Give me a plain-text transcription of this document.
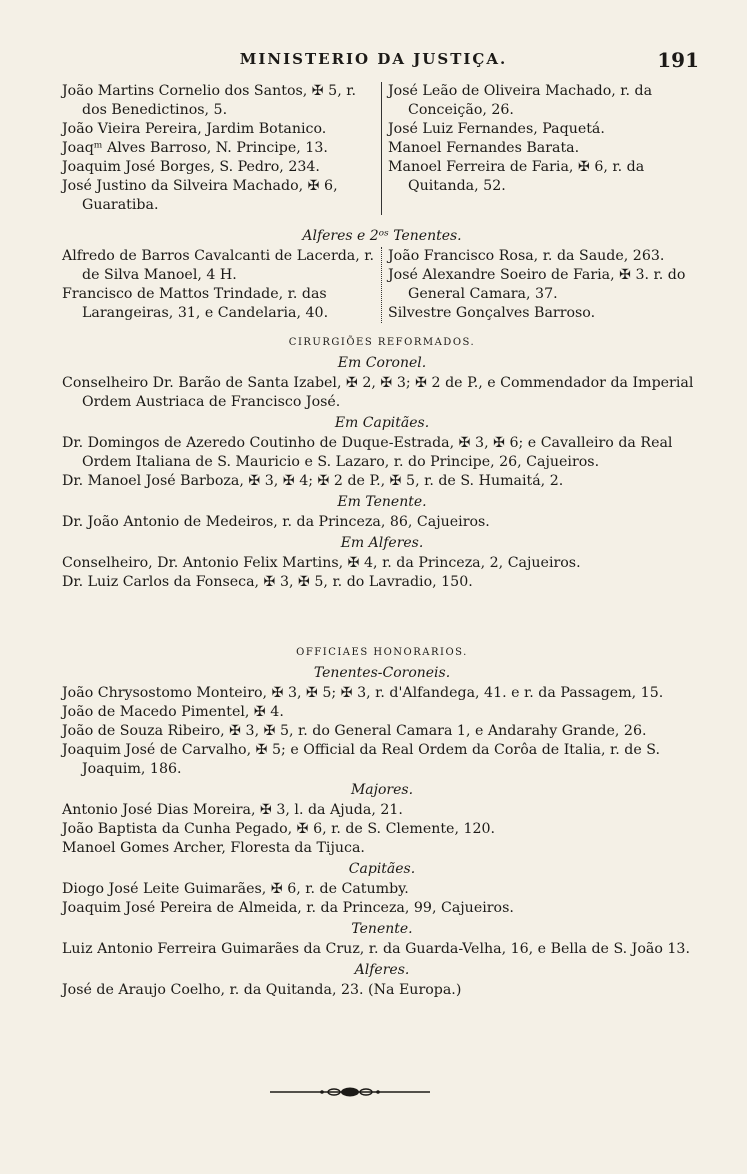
MINISTERIO DA JUSTIÇA.	191

João Martins Cornelio dos Santos, ✠ 5, r. dos Benedictinos, 5.

João Vieira Pereira, Jardim Botanico.

Joaqᵐ Alves Barroso, N. Principe, 13.

Joaquim José Borges, S. Pedro, 234.

José Justino da Silveira Machado, ✠ 6, Guaratiba.

José Leão de Oliveira Machado, r. da Conceição, 26.

José Luiz Fernandes, Paquetá.

Manoel Fernandes Barata.

Manoel Ferreira de Faria, ✠ 6, r. da Quitanda, 52.

Alferes e 2ᵒˢ Tenentes.

Alfredo de Barros Cavalcanti de Lacerda, r. de Silva Manoel, 4 H.

Francisco de Mattos Trindade, r. das Larangeiras, 31, e Candelaria, 40.

João Francisco Rosa, r. da Saude, 263.

José Alexandre Soeiro de Faria, ✠ 3. r. do General Camara, 37.

Silvestre Gonçalves Barroso.

CIRURGIÕES REFORMADOS.
Em Coronel.

Conselheiro Dr. Barão de Santa Izabel, ✠ 2, ✠ 3; ✠ 2 de P., e Commendador da Imperial Ordem Austriaca de Francisco José.

Em Capitães.

Dr. Domingos de Azeredo Coutinho de Duque-Estrada, ✠ 3, ✠ 6; e Cavalleiro da Real Ordem Italiana de S. Mauricio e S. Lazaro, r. do Principe, 26, Cajueiros.

Dr. Manoel José Barboza, ✠ 3, ✠ 4; ✠ 2 de P., ✠ 5, r. de S. Humaitá, 2.

Em Tenente.

Dr. João Antonio de Medeiros, r. da Princeza, 86, Cajueiros.

Em Alferes.

Conselheiro, Dr. Antonio Felix Martins, ✠ 4, r. da Princeza, 2, Cajueiros.

Dr. Luiz Carlos da Fonseca, ✠ 3, ✠ 5, r. do Lavradio, 150.

OFFICIAES HONORARIOS.
Tenentes-Coroneis.

João Chrysostomo Monteiro, ✠ 3, ✠ 5; ✠ 3, r. d'Alfandega, 41. e r. da Passagem, 15.

João de Macedo Pimentel, ✠ 4.

João de Souza Ribeiro, ✠ 3, ✠ 5, r. do General Camara 1, e Andarahy Grande, 26.

Joaquim José de Carvalho, ✠ 5; e Official da Real Ordem da Corôa de Italia, r. de S. Joaquim, 186.

Majores.

Antonio José Dias Moreira, ✠ 3, l. da Ajuda, 21.

João Baptista da Cunha Pegado, ✠ 6, r. de S. Clemente, 120.

Manoel Gomes Archer, Floresta da Tijuca.

Capitães.

Diogo José Leite Guimarães, ✠ 6, r. de Catumby.

Joaquim José Pereira de Almeida, r. da Princeza, 99, Cajueiros.

Tenente.

Luiz Antonio Ferreira Guimarães da Cruz, r. da Guarda-Velha, 16, e Bella de S. João 13.

Alferes.

José de Araujo Coelho, r. da Quitanda, 23. (Na Europa.)
